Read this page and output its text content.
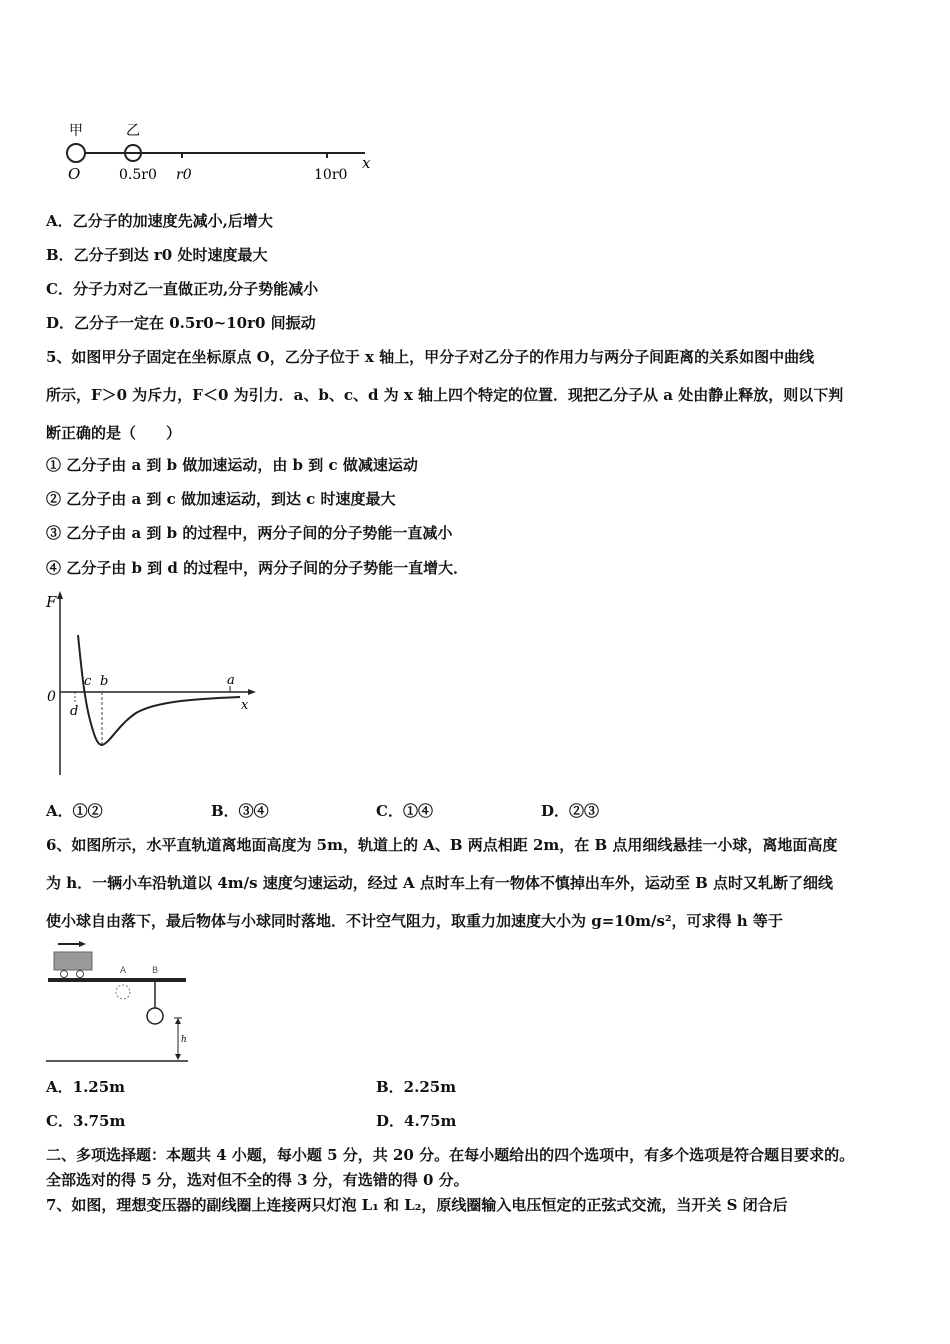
甲	乙
x
O	0.5r0 r0	10r0
A．乙分子的加速度先减小,后增大
B．乙分子到达 r0 处时速度最大
C．分子力对乙一直做正功,分子势能减小
D．乙分子一定在 0.5r0~10r0 间振动
5、如图甲分子固定在坐标原点 O，乙分子位于 x 轴上，甲分子对乙分子的作用力与两分子间距离的关系如图中曲线
所示，F＞0 为斥力，F＜0 为引力．a、b、c、d 为 x 轴上四个特定的位置．现把乙分子从 a 处由静止释放，则以下判
断正确的是（　　）
① 乙分子由 a 到 b 做加速运动，由 b 到 c 做减速运动
② 乙分子由 a 到 c 做加速运动，到达 c 时速度最大
③ 乙分子由 a 到 b 的过程中，两分子间的分子势能一直减小
④ 乙分子由 b 到 d 的过程中，两分子间的分子势能一直增大．
F
x
0
c b	a
d
A．①②	B．③④	C．①④	D．②③
6、如图所示，水平直轨道离地面高度为 5m，轨道上的 A、B 两点相距 2m，在 B 点用细线悬挂一小球，离地面高度
为 h．一辆小车沿轨道以 4m/s 速度匀速运动，经过 A 点时车上有一物体不慎掉出车外，运动至 B 点时又轧断了细线
使小球自由落下，最后物体与小球同时落地．不计空气阻力，取重力加速度大小为 g=10m/s²，可求得 h 等于
A	B
h
A．1.25m	B．2.25m
C．3.75m	D．4.75m
二、多项选择题：本题共 4 小题，每小题 5 分，共 20 分。在每小题给出的四个选项中，有多个选项是符合题目要求的。
全部选对的得 5 分，选对但不全的得 3 分，有选错的得 0 分。
7、如图，理想变压器的副线圈上连接两只灯泡 L₁ 和 L₂，原线圈输入电压恒定的正弦式交流，当开关 S 闭合后
